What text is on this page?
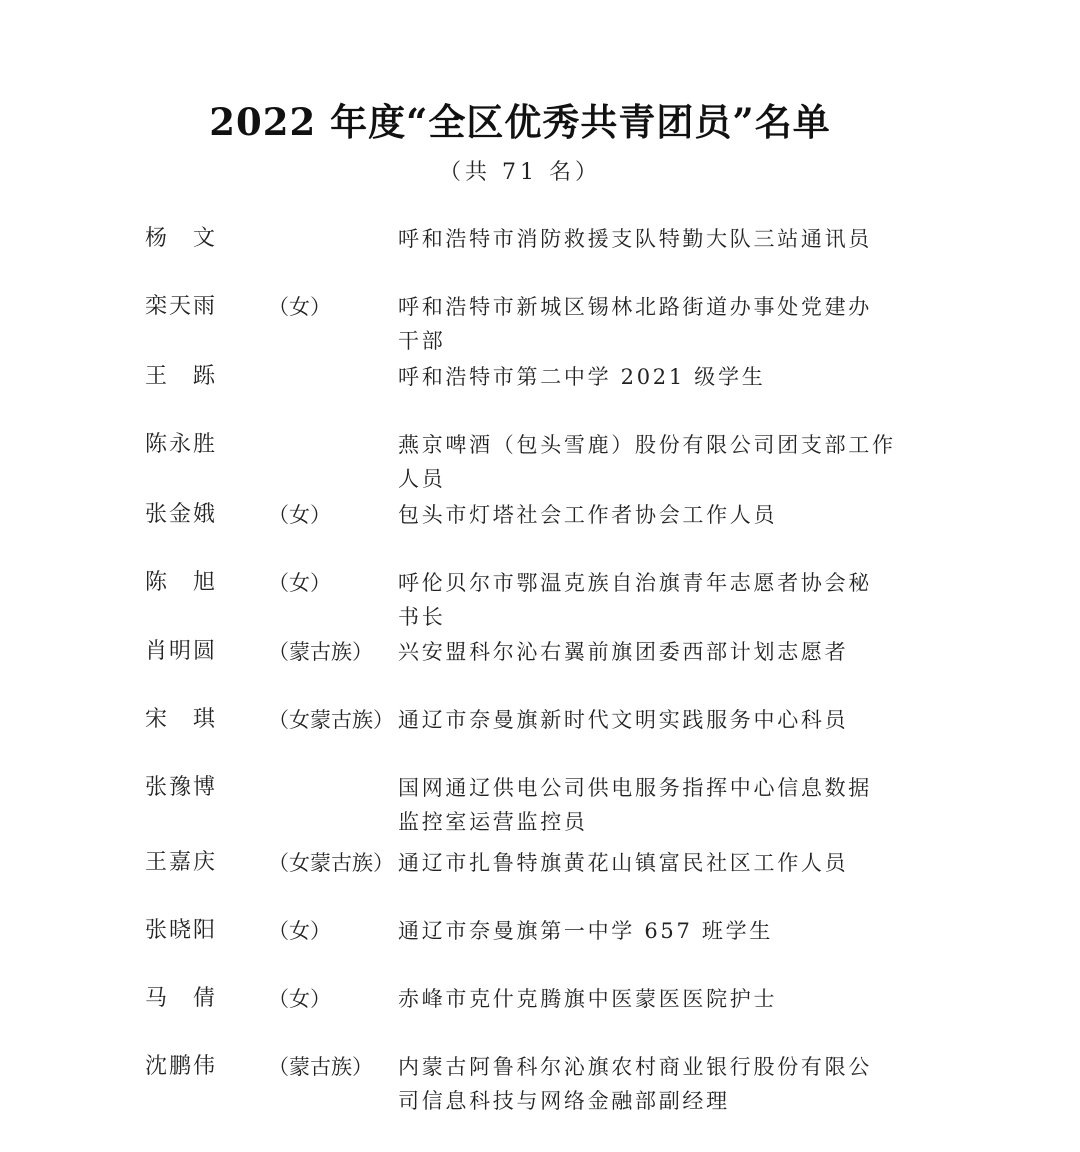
2022 年度“全区优秀共青团员”名单
（共 71 名）
杨　文	呼和浩特市消防救援支队特勤大队三站通讯员
栾天雨 （女）	呼和浩特市新城区锡林北路街道办事处党建办
干部
王　跞	呼和浩特市第二中学 2021 级学生
陈永胜	燕京啤酒（包头雪鹿）股份有限公司团支部工作
人员
张金娥 （女）	包头市灯塔社会工作者协会工作人员
陈　旭 （女）	呼伦贝尔市鄂温克族自治旗青年志愿者协会秘
书长
肖明圆 （蒙古族） 兴安盟科尔沁右翼前旗团委西部计划志愿者
宋　琪 （女蒙古族） 通辽市奈曼旗新时代文明实践服务中心科员
张豫博	国网通辽供电公司供电服务指挥中心信息数据
监控室运营监控员
王嘉庆 （女蒙古族） 通辽市扎鲁特旗黄花山镇富民社区工作人员
张晓阳 （女）	通辽市奈曼旗第一中学 657 班学生
马　倩 （女）	赤峰市克什克腾旗中医蒙医医院护士
沈鹏伟 （蒙古族） 内蒙古阿鲁科尔沁旗农村商业银行股份有限公
司信息科技与网络金融部副经理
